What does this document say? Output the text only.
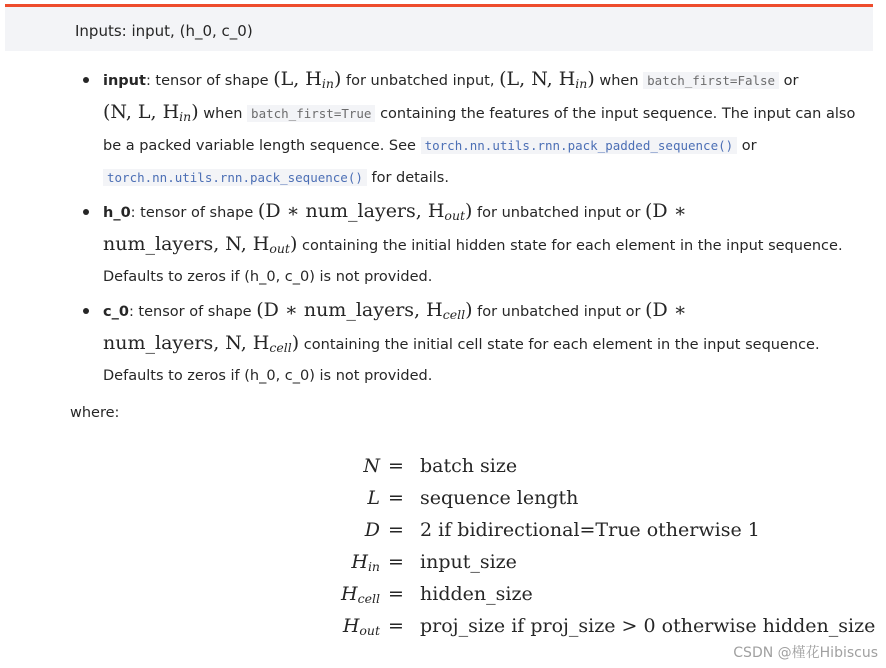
Inputs: input, (h_0, c_0)
input: tensor of shape (L, $H_{in}$) for unbatched input, (L, N, $H_{in}$) when batch_first=False or
(N, L, $H_{in}$) when batch_first=True containing the features of the input sequence. The input can also be a packed variable length sequence. See torch.nn.utils.rnn.pack_padded_sequence() or
torch.nn.utils.rnn.pack_sequence() for details.
h_0: tensor of shape (D ∗ num_layers, $H_{out}$) for unbatched input or (D ∗
num_layers, N, $H_{out}$) containing the initial hidden state for each element in the input sequence.
Defaults to zeros if (h_0, c_0) is not provided.
c_0: tensor of shape (D ∗ num_layers, $H_{cell}$) for unbatched input or (D ∗
num_layers, N, $H_{cell}$) containing the initial cell state for each element in the input sequence. Defaults to zeros if (h_0, c_0) is not provided.
where:
N = batch size
L = sequence length
D = 2 if bidirectional=True otherwise 1
$H_{in}$ = input_size
$H_{cell}$ = hidden_size
$H_{out}$ = proj_size if proj_size > 0 otherwise hidden_size
CSDN @槿花Hibiscus
